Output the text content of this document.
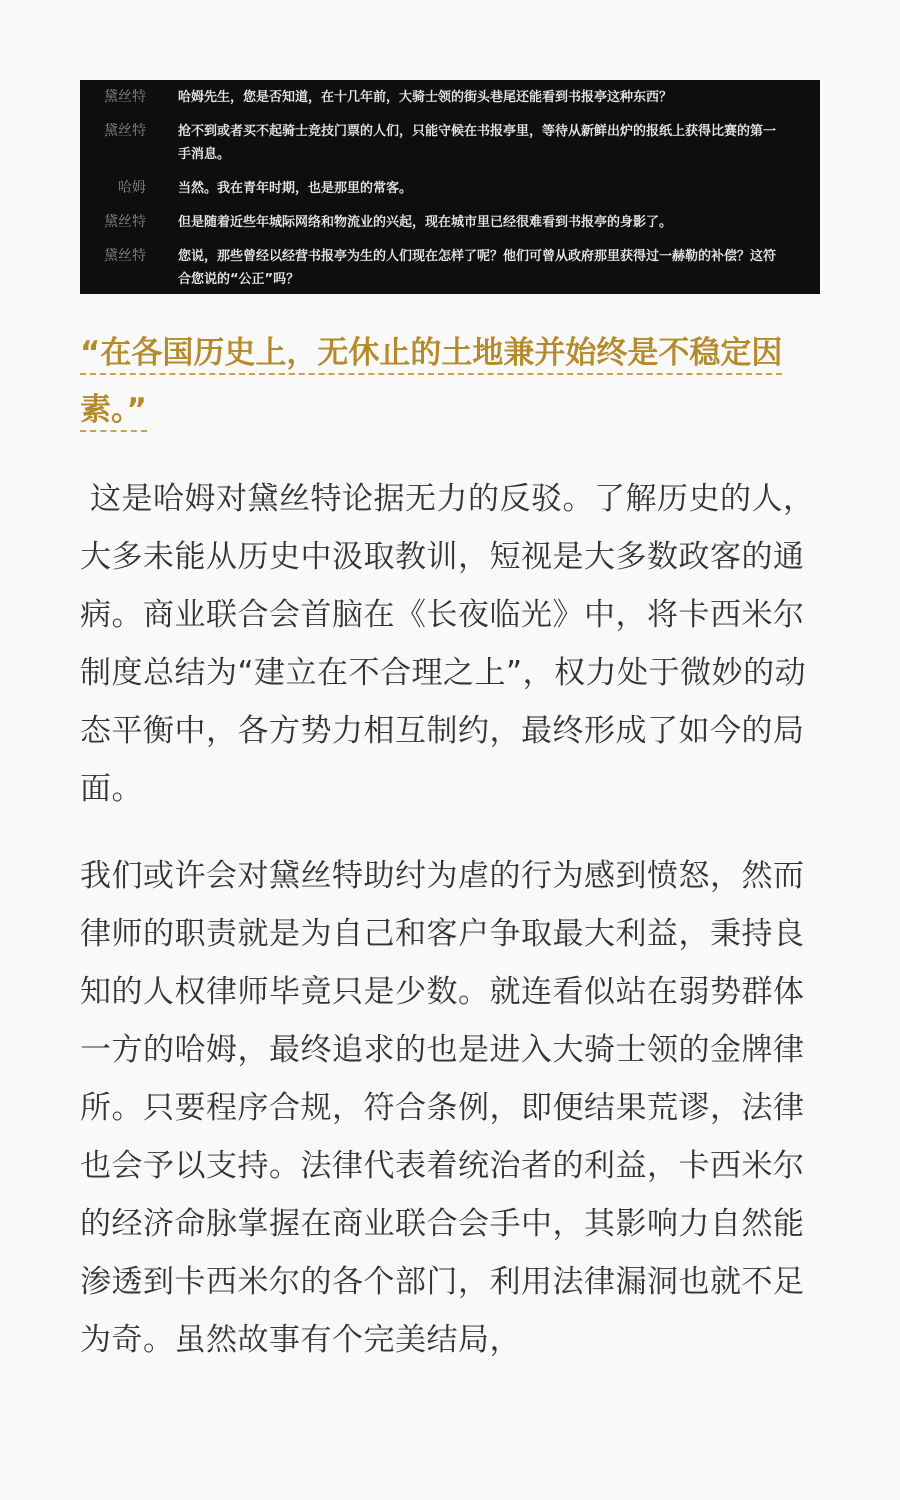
黛丝特 哈姆先生，您是否知道，在十几年前，大骑士领的街头巷尾还能看到书报亭这种东西？
黛丝特 抢不到或者买不起骑士竞技门票的人们，只能守候在书报亭里，等待从新鲜出炉的报纸上获得比赛的第一手消息。
哈姆 当然。我在青年时期，也是那里的常客。
黛丝特 但是随着近些年城际网络和物流业的兴起，现在城市里已经很难看到书报亭的身影了。
黛丝特 您说，那些曾经以经营书报亭为生的人们现在怎样了呢？他们可曾从政府那里获得过一赫勒的补偿？这符合您说的“公正”吗？
“在各国历史上，无休止的土地兼并始终是不稳定因素。”

这是哈姆对黛丝特论据无力的反驳。了解历史的人，大多未能从历史中汲取教训，短视是大多数政客的通病。商业联合会首脑在《长夜临光》中，将卡西米尔制度总结为“建立在不合理之上”，权力处于微妙的动态平衡中，各方势力相互制约，最终形成了如今的局面。

我们或许会对黛丝特助纣为虐的行为感到愤怒，然而律师的职责就是为自己和客户争取最大利益，秉持良知的人权律师毕竟只是少数。就连看似站在弱势群体一方的哈姆，最终追求的也是进入大骑士领的金牌律所。只要程序合规，符合条例，即便结果荒谬，法律也会予以支持。法律代表着统治者的利益，卡西米尔的经济命脉掌握在商业联合会手中，其影响力自然能渗透到卡西米尔的各个部门，利用法律漏洞也就不足为奇。虽然故事有个完美结局，
